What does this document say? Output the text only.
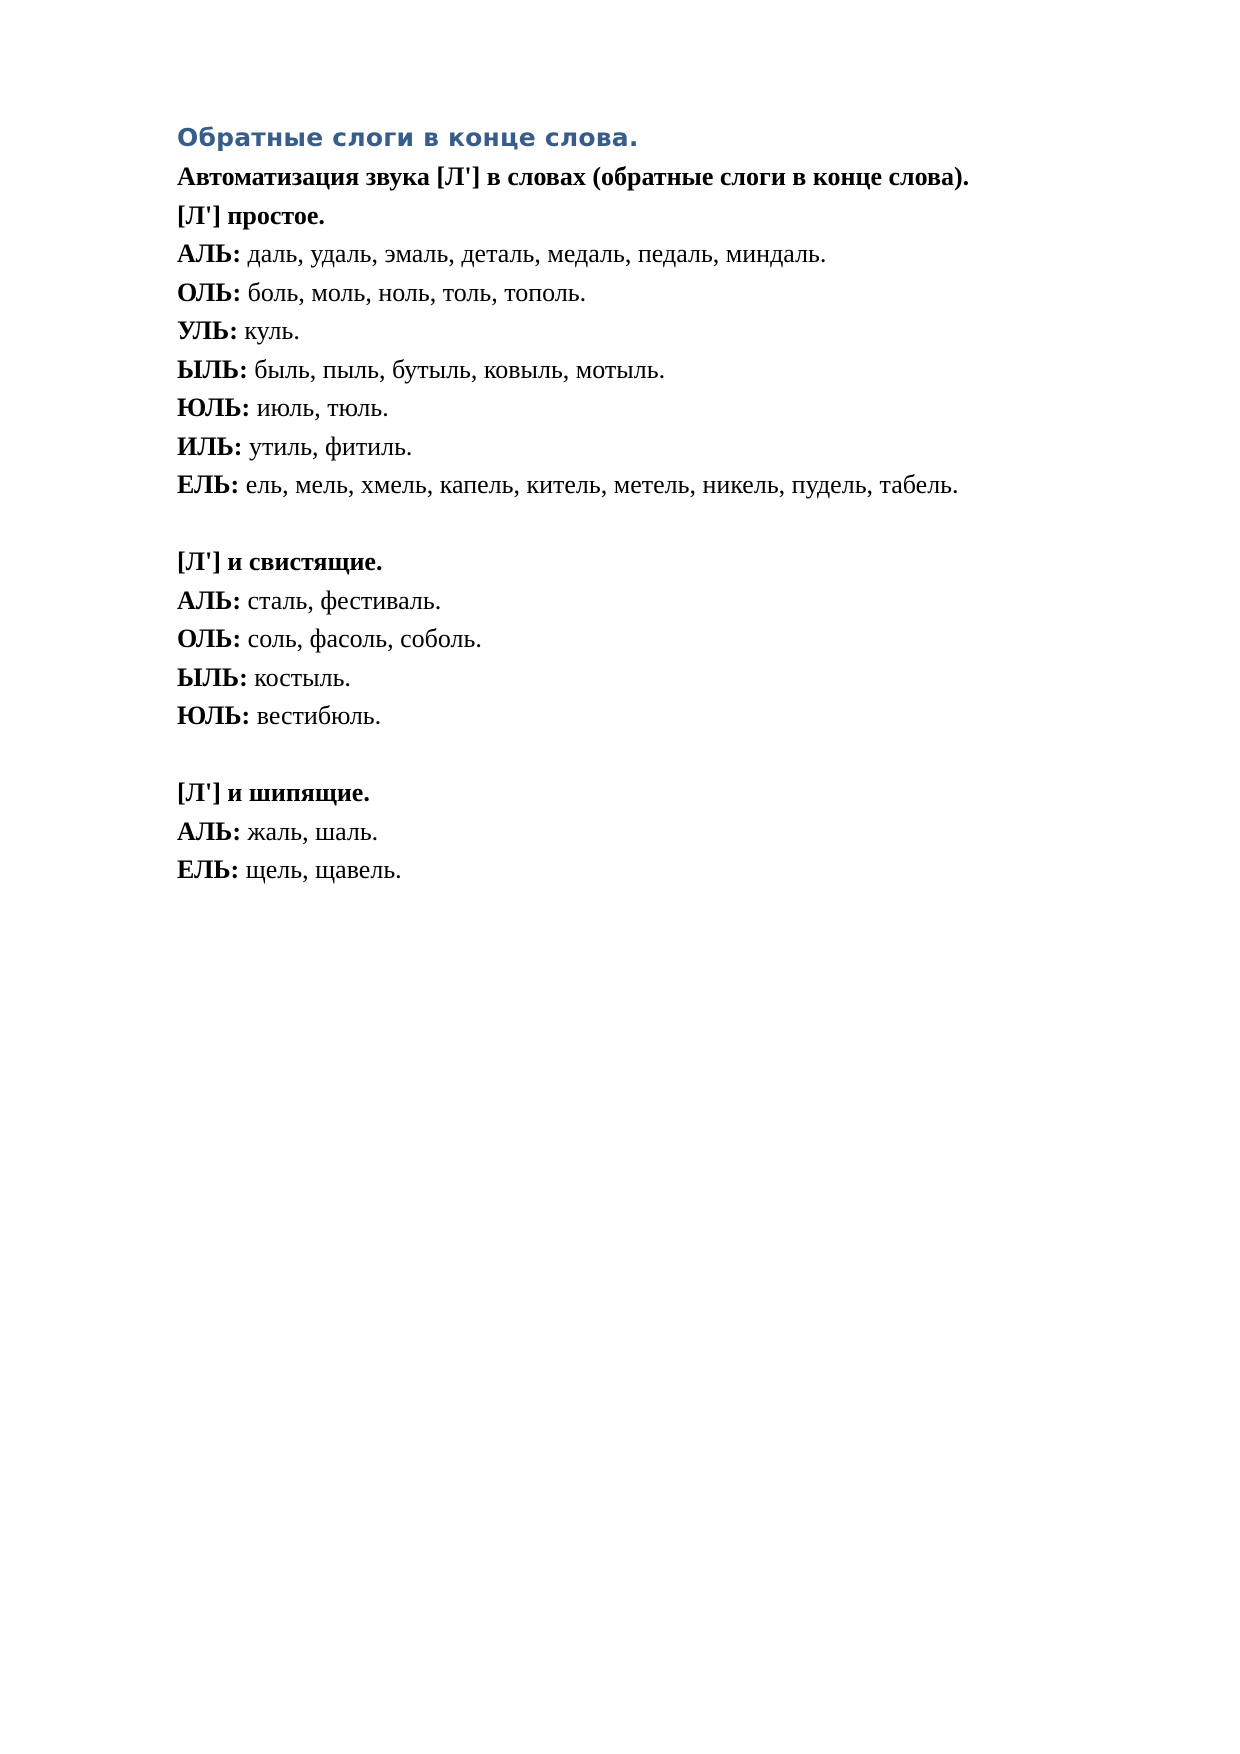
Обратные слоги в конце слова.

Автоматизация звука [Л'] в словах (обратные слоги в конце слова).

[Л'] простое.

АЛЬ: даль, удаль, эмаль, деталь, медаль, педаль, миндаль.

ОЛЬ: боль, моль, ноль, толь, тополь.

УЛЬ: куль.

ЫЛЬ: быль, пыль, бутыль, ковыль, мотыль.

ЮЛЬ: июль, тюль.

ИЛЬ: утиль, фитиль.

ЕЛЬ: ель, мель, хмель, капель, китель, метель, никель, пудель, табель.

[Л'] и свистящие.

АЛЬ: сталь, фестиваль.

ОЛЬ: соль, фасоль, соболь.

ЫЛЬ: костыль.

ЮЛЬ: вестибюль.

[Л'] и шипящие.

АЛЬ: жаль, шаль.

ЕЛЬ: щель, щавель.
